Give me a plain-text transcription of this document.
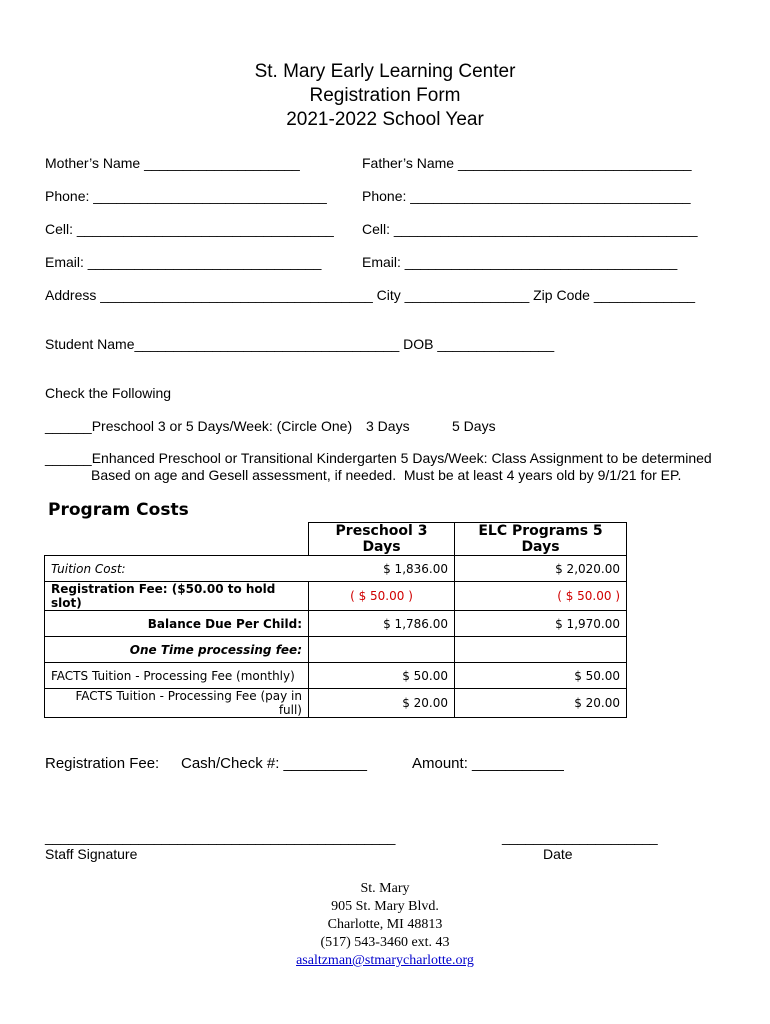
St. Mary Early Learning Center
Registration Form
2021-2022 School Year
Mother’s Name ____________________	Father’s Name ______________________________
Phone: ______________________________	Phone: ____________________________________
Cell: _________________________________ Cell: _______________________________________
Email: ______________________________	Email: ___________________________________
Address ___________________________________ City ________________ Zip Code _____________
Student Name__________________________________ DOB _______________
Check the Following
______Preschool 3 or 5 Days/Week: (Circle One) 3 Days	5 Days
______Enhanced Preschool or Transitional Kindergarten 5 Days/Week: Class Assignment to be determined
Based on age and Gesell assessment, if needed.  Must be at least 4 years old by 9/1/21 for EP.
Program Costs
	Preschool 3 Days	ELC Programs 5 Days
Tuition Cost:	$ 1,836.00	$ 2,020.00
Registration Fee: ($50.00 to hold slot)	( $ 50.00 )	( $ 50.00 )
Balance Due Per Child:	$ 1,786.00	$ 1,970.00
One Time processing fee:		
FACTS Tuition - Processing Fee (monthly)	$ 50.00	$ 50.00
FACTS Tuition - Processing Fee (pay in full)	$ 20.00	$ 20.00
Registration Fee: Cash/Check #: __________	Amount: ___________
_____________________________________________	____________________
Staff Signature	Date
St. Mary
905 St. Mary Blvd.
Charlotte, MI 48813
(517) 543-3460 ext. 43
asaltzman@stmarycharlotte.org
